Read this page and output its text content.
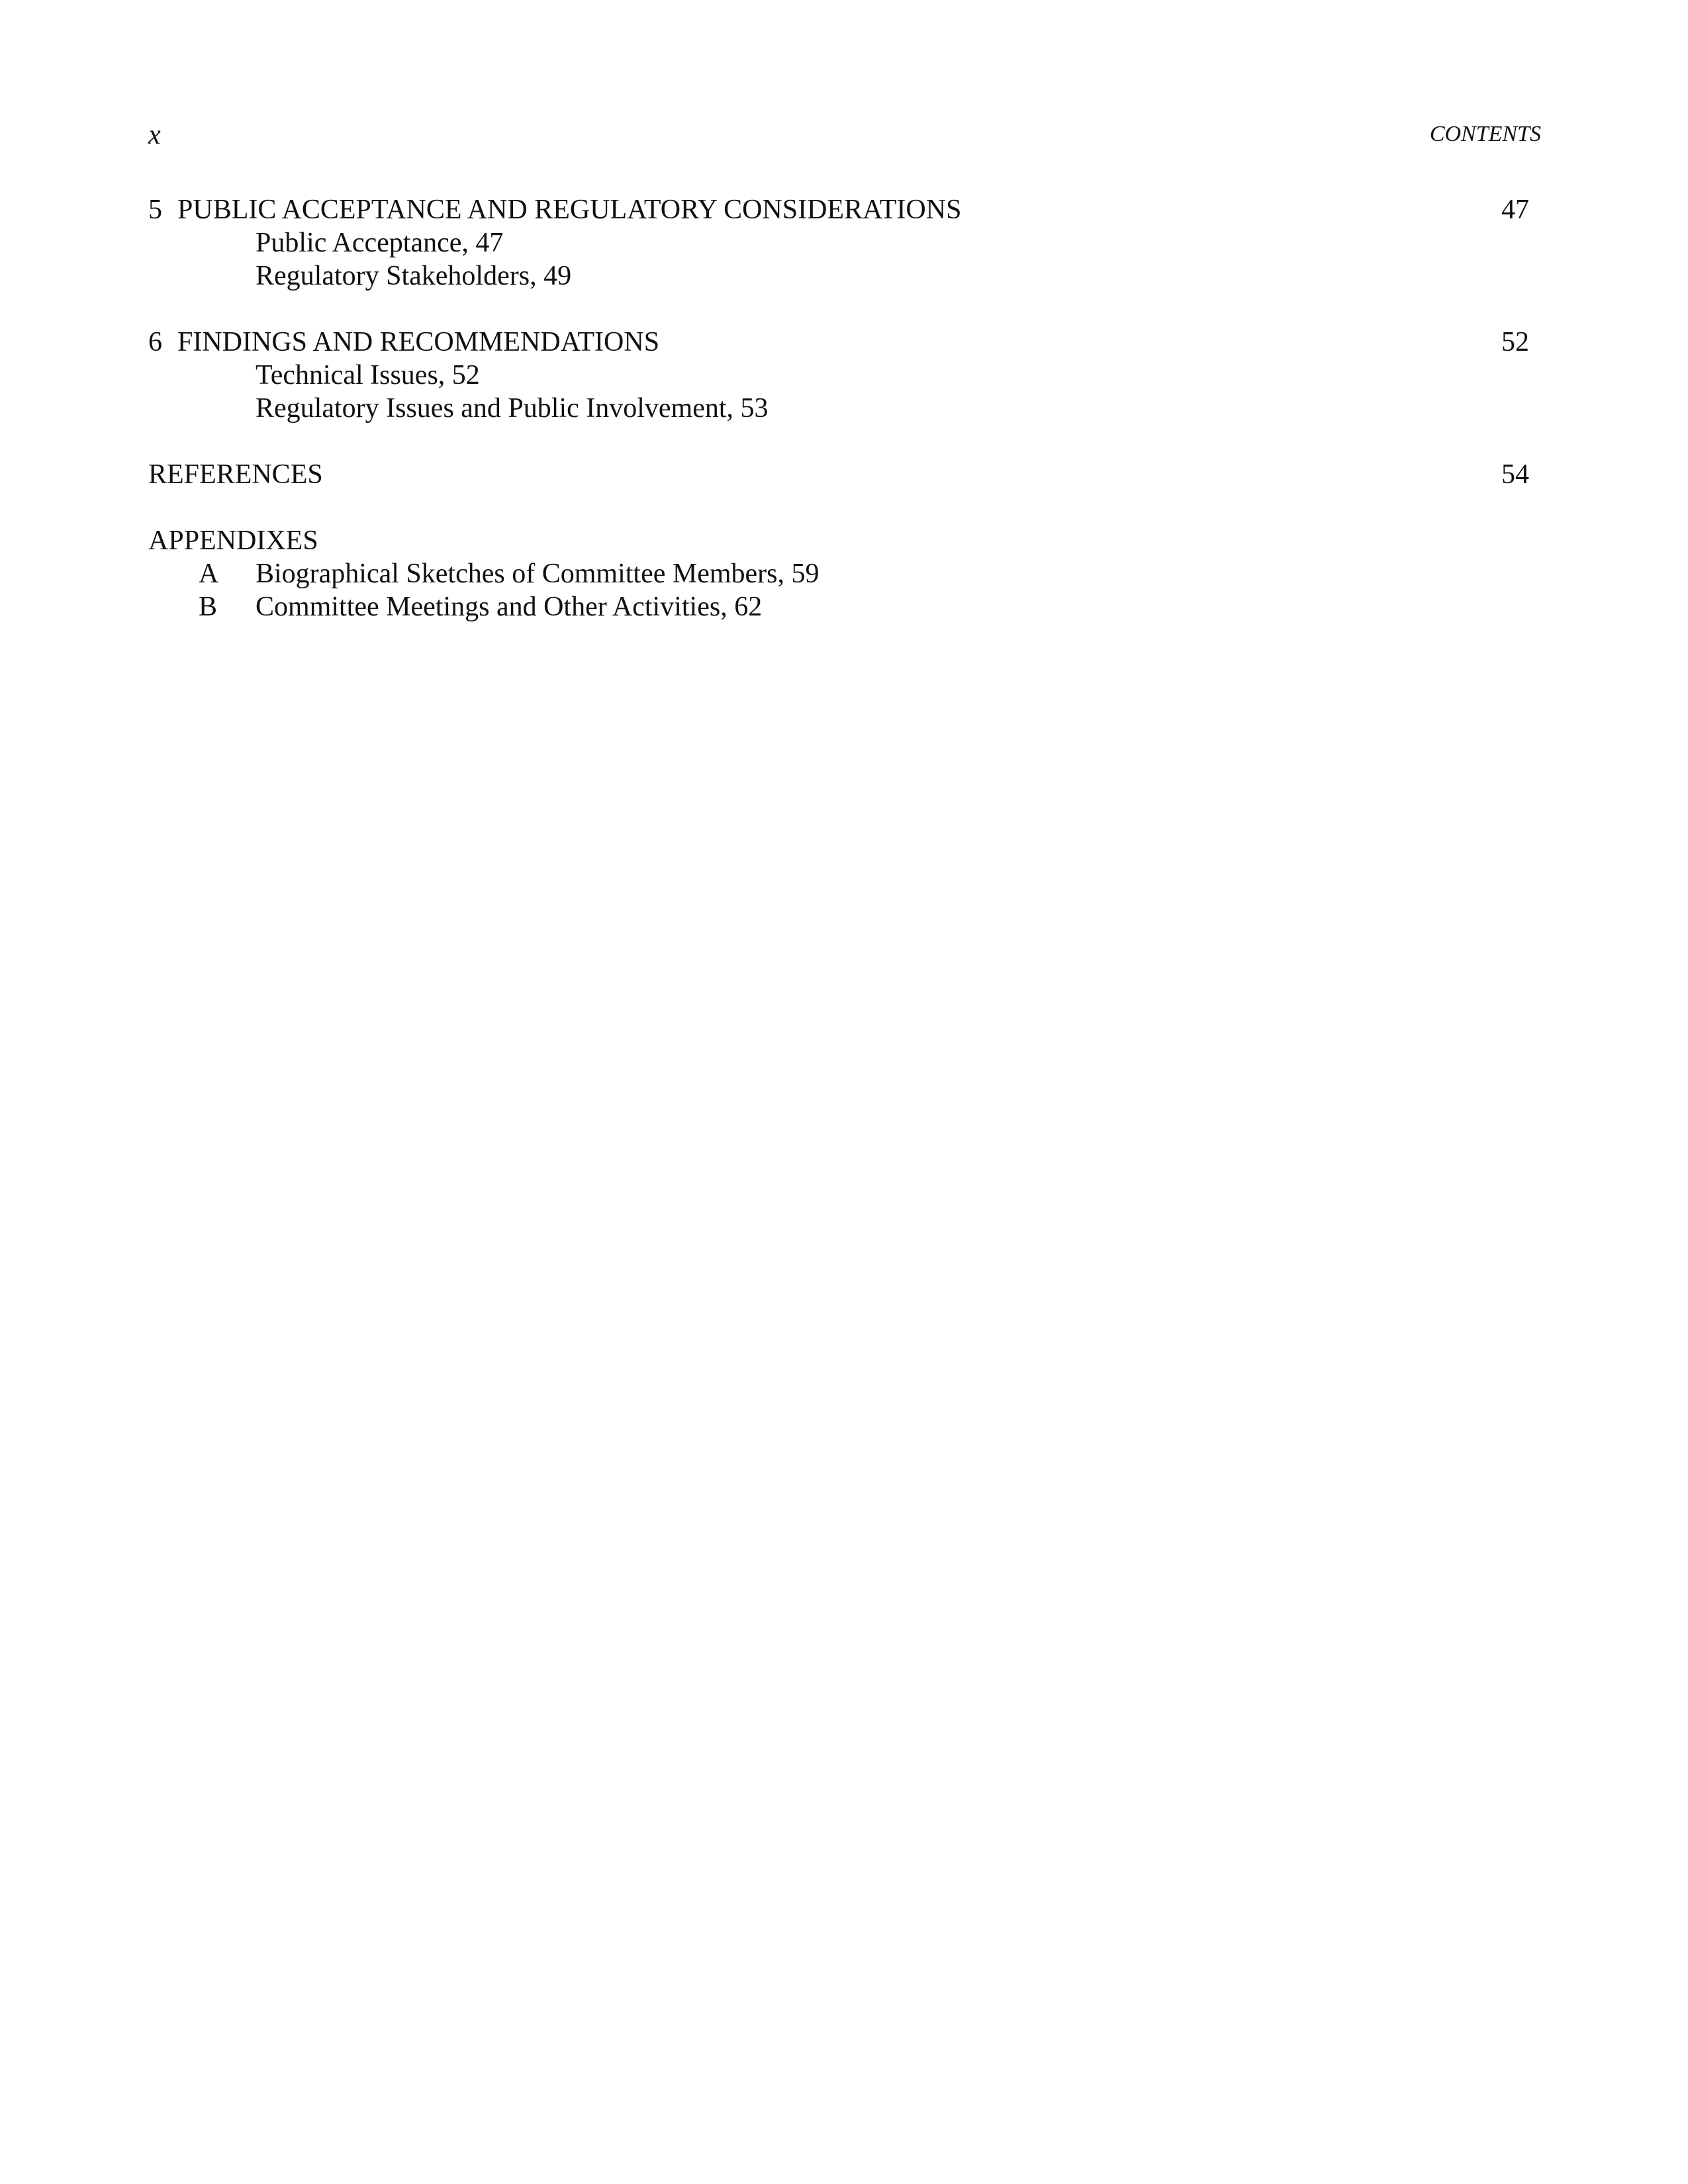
x	CONTENTS
5 PUBLIC ACCEPTANCE AND REGULATORY CONSIDERATIONS	47
Public Acceptance, 47
Regulatory Stakeholders, 49
6 FINDINGS AND RECOMMENDATIONS	52
Technical Issues, 52
Regulatory Issues and Public Involvement, 53
REFERENCES	54
APPENDIXES
A Biographical Sketches of Committee Members, 59
B Committee Meetings and Other Activities, 62
